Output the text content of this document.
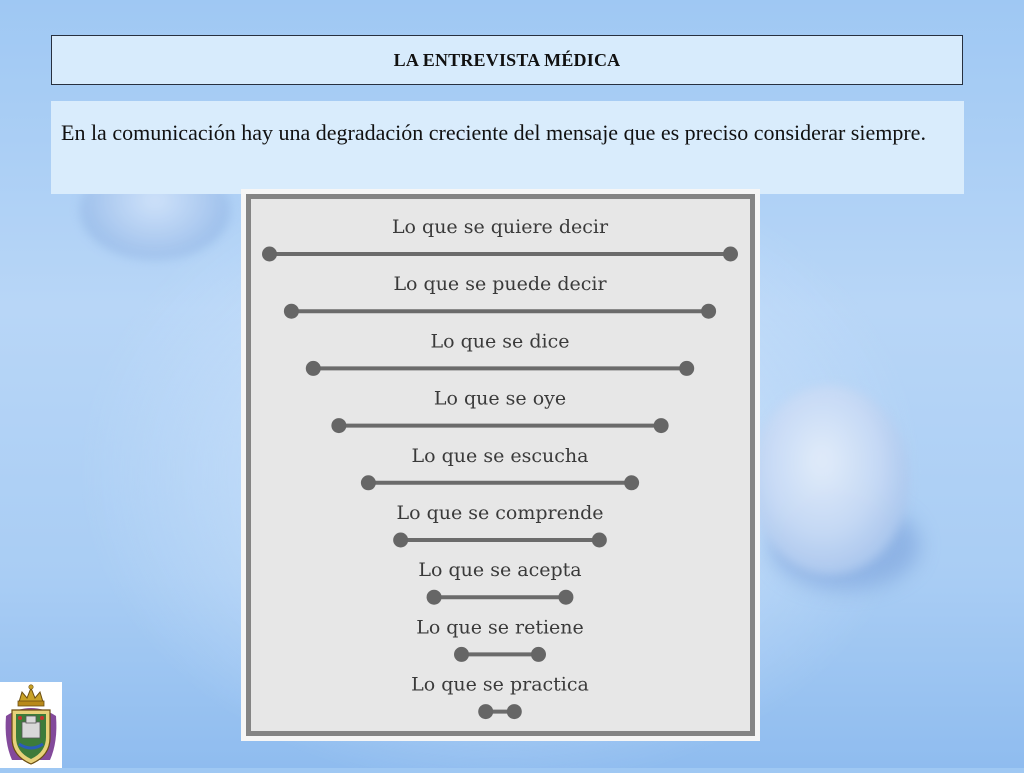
LA ENTREVISTA MÉDICA

En la comunicación hay una degradación creciente del mensaje que es preciso considerar siempre.

Lo que se quiere decir
Lo que se puede decir
Lo que se dice
Lo que se oye
Lo que se escucha
Lo que se comprende
Lo que se acepta
Lo que se retiene
Lo que se practica
